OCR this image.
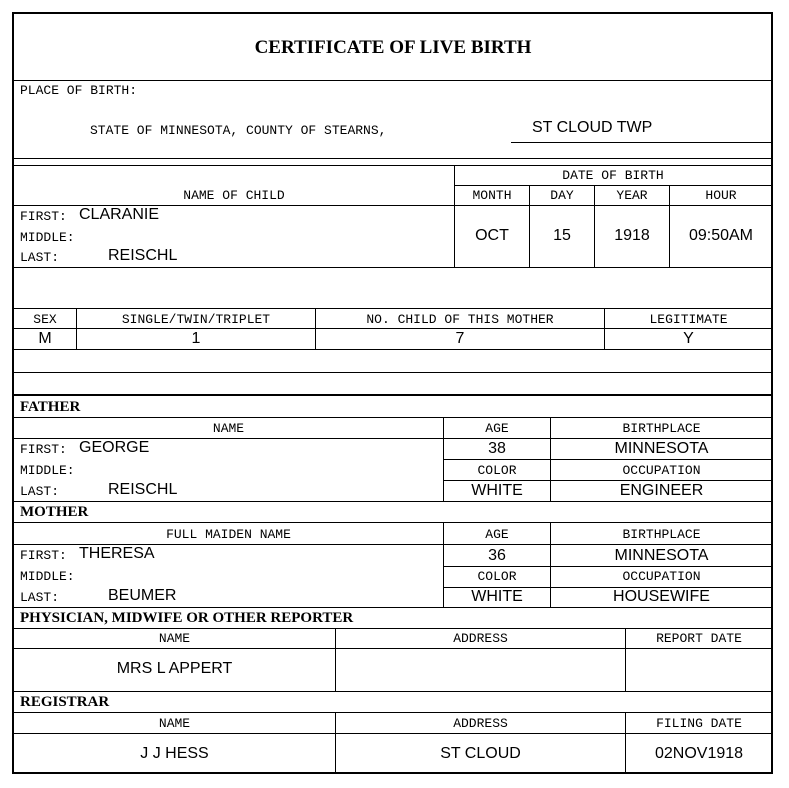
CERTIFICATE OF LIVE BIRTH
PLACE OF BIRTH:
STATE OF MINNESOTA, COUNTY OF STEARNS,	ST CLOUD TWP
DATE OF BIRTH
NAME OF CHILD	MONTH	DAY	YEAR	HOUR
FIRST: CLARANIE
MIDDLE:
LAST:	REISCHL
OCT	15	1918	09:50AM
SEX	SINGLE/TWIN/TRIPLET	NO. CHILD OF THIS MOTHER	LEGITIMATE
M	1	7	Y
FATHER
NAME	AGE	BIRTHPLACE
FIRST: GEORGE
MIDDLE:
LAST:	REISCHL
38	MINNESOTA
COLOR	OCCUPATION
WHITE	ENGINEER
MOTHER
FULL MAIDEN NAME	AGE	BIRTHPLACE
FIRST: THERESA
MIDDLE:
LAST:	BEUMER
36	MINNESOTA
COLOR	OCCUPATION
WHITE	HOUSEWIFE
PHYSICIAN, MIDWIFE OR OTHER REPORTER
NAME	ADDRESS	REPORT DATE
MRS L APPERT
REGISTRAR
NAME	ADDRESS	FILING DATE
J J HESS	ST CLOUD	02NOV1918
